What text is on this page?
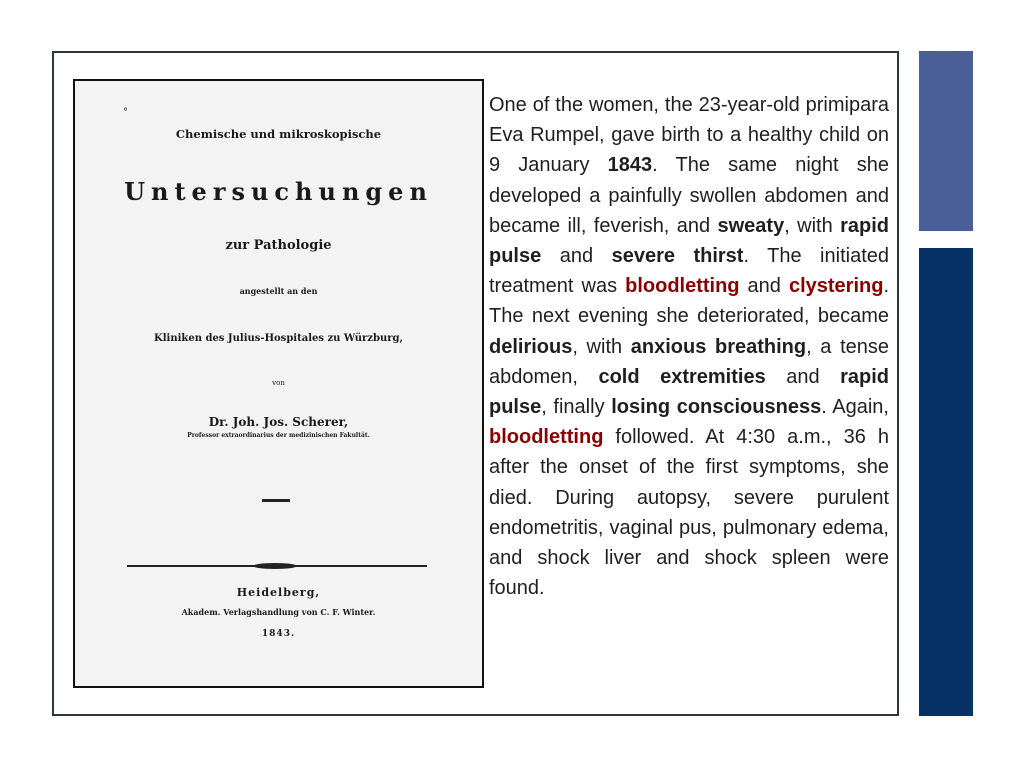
°
Chemische und mikroskopische
Untersuchungen
zur Pathologie
angestellt an den
Kliniken des Julius-Hospitales zu Würzburg,
von
Dr. Joh. Jos. Scherer,
Professor extraordinarius der medizinischen Fakultät.
Heidelberg,
Akadem. Verlagshandlung von C. F. Winter.
1843.
One of the women, the 23-year-old primipara Eva Rumpel, gave birth to a healthy child on 9 January 1843. The same night she developed a painfully swollen abdomen and became ill, feverish, and sweaty, with rapid pulse and severe thirst. The initiated treatment was bloodletting and clystering. The next evening she deteriorated, became delirious, with anxious breathing, a tense abdomen, cold extremities and rapid pulse, finally losing consciousness. Again, bloodletting followed. At 4:30 a.m., 36 h after the onset of the first symptoms, she died. During autopsy, severe purulent endometritis, vaginal pus, pulmonary edema, and shock liver and shock spleen were found.
